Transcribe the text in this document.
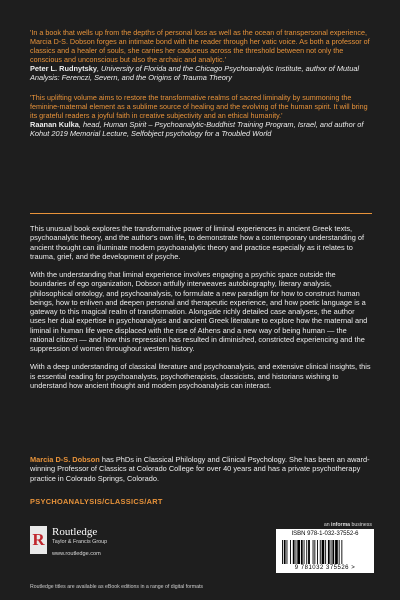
'In a book that wells up from the depths of personal loss as well as the ocean of transpersonal experience, Marcia D-S. Dobson forges an intimate bond with the reader through her vatic voice. As both a professor of classics and a healer of souls, she carries her caduceus across the threshold between not only the conscious and unconscious but also the archaic and analytic.'

Peter L. Rudnytsky, University of Florida and the Chicago Psychoanalytic Institute, author of Mutual Analysis: Ferenczi, Severn, and the Origins of Trauma Theory

'This uplifting volume aims to restore the transformative realms of sacred liminality by summoning the feminine-maternal element as a sublime source of healing and the evolving of the human spirit. It will bring its grateful readers a joyful faith in creative subjectivity and an ethical humanity.'

Raanan Kulka, head, Human Spirit – Psychoanalytic-Buddhist Training Program, Israel, and author of Kohut 2019 Memorial Lecture, Selfobject psychology for a Troubled World

This unusual book explores the transformative power of liminal experiences in ancient Greek texts, psychoanalytic theory, and the author's own life, to demonstrate how a contemporary understanding of ancient thought can illuminate modern psychoanalytic theory and practice especially as it relates to trauma, grief, and the development of psyche.

With the understanding that liminal experience involves engaging a psychic space outside the boundaries of ego organization, Dobson artfully interweaves autobiography, literary analysis, philosophical ontology, and psychoanalysis, to formulate a new paradigm for how to construct human beings, how to enliven and deepen personal and therapeutic experience, and how poetic language is a gateway to this magical realm of transformation. Alongside richly detailed case analyses, the author uses her dual expertise in psychoanalysis and ancient Greek literature to explore how the maternal and liminal in human life were displaced with the rise of Athens and a new way of being human — the rational citizen — and how this repression has resulted in diminished, constricted experiencing and the suppression of women throughout western history.

With a deep understanding of classical literature and psychoanalysis, and extensive clinical insights, this is essential reading for psychoanalysts, psychotherapists, classicists, and historians wishing to understand how ancient thought and modern psychoanalysis can interact.

Marcia D-S. Dobson has PhDs in Classical Philology and Clinical Psychology. She has been an award-winning Professor of Classics at Colorado College for over 40 years and has a private psychotherapy practice in Colorado Springs, Colorado.
PSYCHOANALYSIS/CLASSICS/ART
R Routledge
Taylor & Francis Group
www.routledge.com
an informa business
ISBN 978-1-032-37552-6
9 781032 375526 >
Routledge titles are available as eBook editions in a range of digital formats
